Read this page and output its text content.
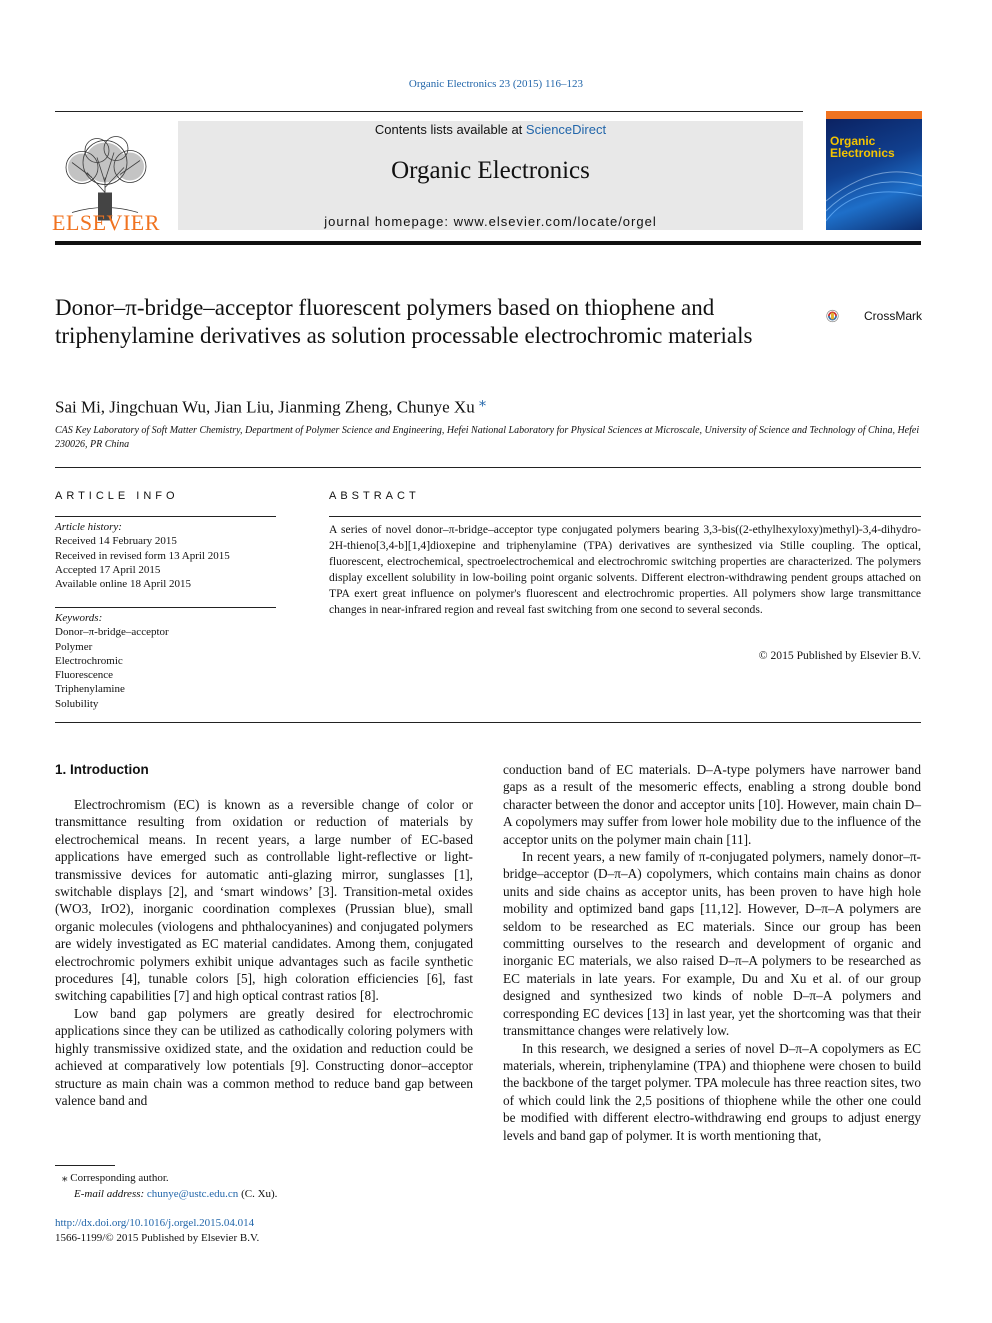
Organic Electronics 23 (2015) 116–123
ELSEVIER
Contents lists available at ScienceDirect
Organic Electronics
journal homepage: www.elsevier.com/locate/orgel
Organic Electronics
Donor–π-bridge–acceptor fluorescent polymers based on thiophene and triphenylamine derivatives as solution processable electrochromic materials
CrossMark
Sai Mi, Jingchuan Wu, Jian Liu, Jianming Zheng, Chunye Xu ⁎
CAS Key Laboratory of Soft Matter Chemistry, Department of Polymer Science and Engineering, Hefei National Laboratory for Physical Sciences at Microscale, University of Science and Technology of China, Hefei 230026, PR China
ARTICLE INFO
Article history:
Received 14 February 2015
Received in revised form 13 April 2015
Accepted 17 April 2015
Available online 18 April 2015
Keywords:
Donor–π-bridge–acceptor
Polymer
Electrochromic
Fluorescence
Triphenylamine
Solubility
ABSTRACT
A series of novel donor–π-bridge–acceptor type conjugated polymers bearing 3,3-bis((2-ethylhexyloxy)methyl)-3,4-dihydro-2H-thieno[3,4-b][1,4]dioxepine and triphenylamine (TPA) derivatives are synthesized via Stille coupling. The optical, fluorescent, electrochemical, spectroelectrochemical and electrochromic switching properties are characterized. The polymers display excellent solubility in low-boiling point organic solvents. Different electron-withdrawing pendent groups attached on TPA exert great influence on polymer's fluorescent and electrochromic properties. All polymers show large transmittance changes in near-infrared region and reveal fast switching from one second to several seconds.
© 2015 Published by Elsevier B.V.
1. Introduction

Electrochromism (EC) is known as a reversible change of color or transmittance resulting from oxidation or reduction of materials by electrochemical means. In recent years, a large number of EC-based applications have emerged such as controllable light-reflective or light-transmissive devices for automatic anti-glazing mirror, sunglasses [1], switchable displays [2], and ‘smart windows’ [3]. Transition-metal oxides (WO3, IrO2), inorganic coordination complexes (Prussian blue), small organic molecules (viologens and phthalocyanines) and conjugated polymers are widely investigated as EC material candidates. Among them, conjugated electrochromic polymers exhibit unique advantages such as facile synthetic procedures [4], tunable colors [5], high coloration efficiencies [6], fast switching capabilities [7] and high optical contrast ratios [8].

Low band gap polymers are greatly desired for electrochromic applications since they can be utilized as cathodically coloring polymers with highly transmissive oxidized state, and the oxidation and reduction could be achieved at comparatively low potentials [9]. Constructing donor–acceptor structure as main chain was a common method to reduce band gap between valence band and

conduction band of EC materials. D–A-type polymers have narrower band gaps as a result of the mesomeric effects, enabling a strong double bond character between the donor and acceptor units [10]. However, main chain D–A copolymers may suffer from lower hole mobility due to the influence of the acceptor units on the polymer main chain [11].

In recent years, a new family of π-conjugated polymers, namely donor–π-bridge–acceptor (D–π–A) copolymers, which contains main chains as donor units and side chains as acceptor units, has been proven to have high hole mobility and optimized band gaps [11,12]. However, D–π–A polymers are seldom to be researched as EC materials. Since our group has been committing ourselves to the research and development of organic and inorganic EC materials, we also raised D–π–A polymers to be researched as EC materials in late years. For example, Du and Xu et al. of our group designed and synthesized two kinds of noble D–π–A polymers and corresponding EC devices [13] in last year, yet the shortcoming was that their transmittance changes were relatively low.

In this research, we designed a series of novel D–π–A copolymers as EC materials, wherein, triphenylamine (TPA) and thiophene were chosen to build the backbone of the target polymer. TPA molecule has three reaction sites, two of which could link the 2,5 positions of thiophene while the other one could be modified with different electro-withdrawing end groups to adjust energy levels and band gap of polymer. It is worth mentioning that,

⁎ Corresponding author.
E-mail address: chunye@ustc.edu.cn (C. Xu).
http://dx.doi.org/10.1016/j.orgel.2015.04.014
1566-1199/© 2015 Published by Elsevier B.V.
